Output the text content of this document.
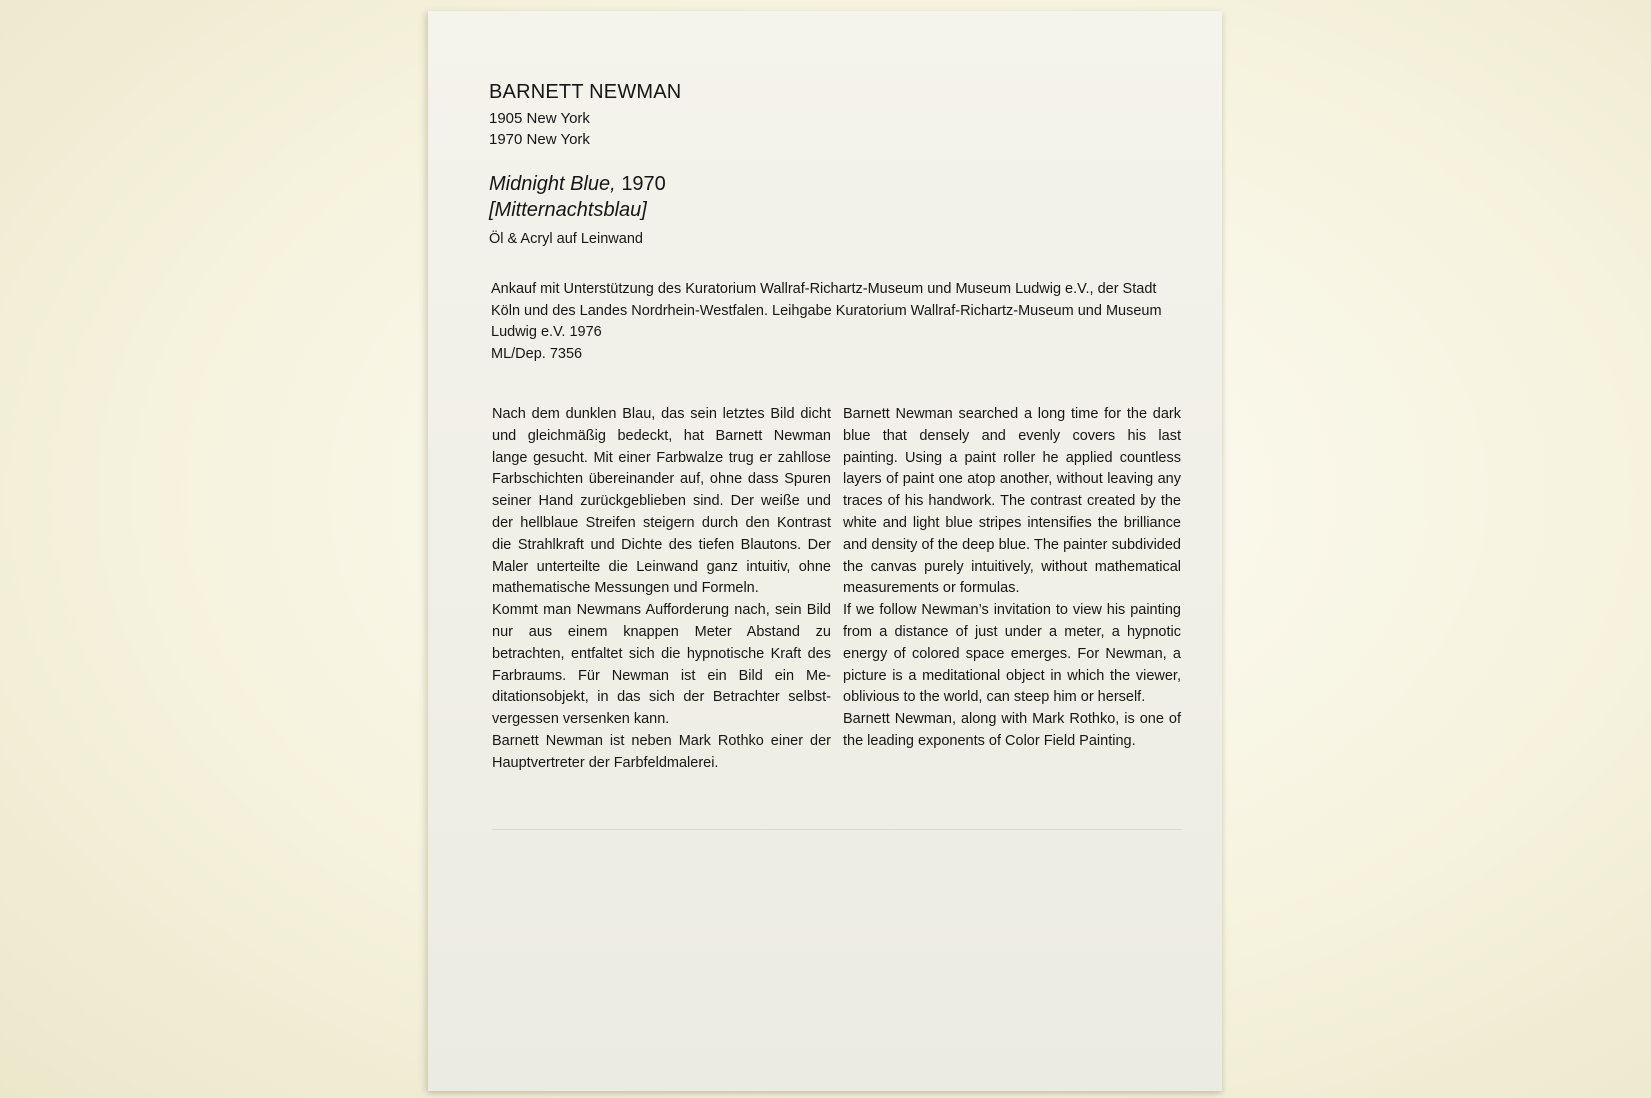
BARNETT NEWMAN
1905 New York
1970 New York
Midnight Blue, 1970
[Mitternachtsblau]
Öl & Acryl auf Leinwand
Ankauf mit Unterstützung des Kuratorium Wallraf-Richartz-Museum und Museum Ludwig e.V., der Stadt Köln und des Landes Nordrhein-Westfalen. Leihgabe Kuratorium Wallraf-Richartz-Museum und Museum Ludwig e.V. 1976
ML/Dep. 7356

Nach dem dunklen Blau, das sein letztes Bild dicht und gleichmäßig bedeckt, hat Barnett Newman lange gesucht. Mit einer Farbwalze trug er zahllose Farbschichten übereinander auf, ohne dass Spuren seiner Hand zurückgeblieben sind. Der weiße und der hellblaue Streifen steigern durch den Kontrast die Strahlkraft und Dichte des tiefen Blautons. Der Maler unterteilte die Leinwand ganz intuitiv, ohne mathematische Messungen und Formeln.

Kommt man Newmans Aufforderung nach, sein Bild nur aus einem knappen Meter Abstand zu betrachten, entfaltet sich die hypnotische Kraft des Farbraums. Für Newman ist ein Bild ein Meditationsobjekt, in das sich der Betrachter selbstvergessen versenken kann.

Barnett Newman ist neben Mark Rothko einer der Hauptvertreter der Farbfeldmalerei.

Barnett Newman searched a long time for the dark blue that densely and evenly covers his last painting. Using a paint roller he applied countless layers of paint one atop another, without leaving any traces of his handwork. The contrast created by the white and light blue stripes intensifies the brilliance and density of the deep blue. The painter subdivided the canvas purely intuitively, without mathematical measurements or formulas.

If we follow Newman’s invitation to view his painting from a distance of just under a meter, a hypnotic energy of colored space emerges. For Newman, a picture is a meditational object in which the viewer, oblivious to the world, can steep him or herself.

Barnett Newman, along with Mark Rothko, is one of the leading exponents of Color Field Painting.
